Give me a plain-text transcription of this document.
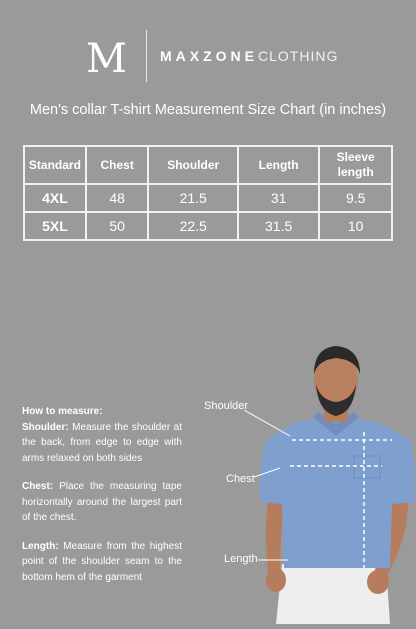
M	MAXZONECLOTHING
Men's collar T-shirt Measurement Size Chart (in inches)
Standard	Chest	Shoulder	Length	Sleeve length
4XL	48	21.5	31	9.5
5XL	50	22.5	31.5	10
How to measure:

Shoulder: Measure the shoulder at the back, from edge to edge with arms relaxed on both sides

Chest: Place the measuring tape horizontally around the largest part of the chest.

Length: Measure from the highest point of the shoulder seam to the bottom hem of the garment

Shoulder
Chest
Length
